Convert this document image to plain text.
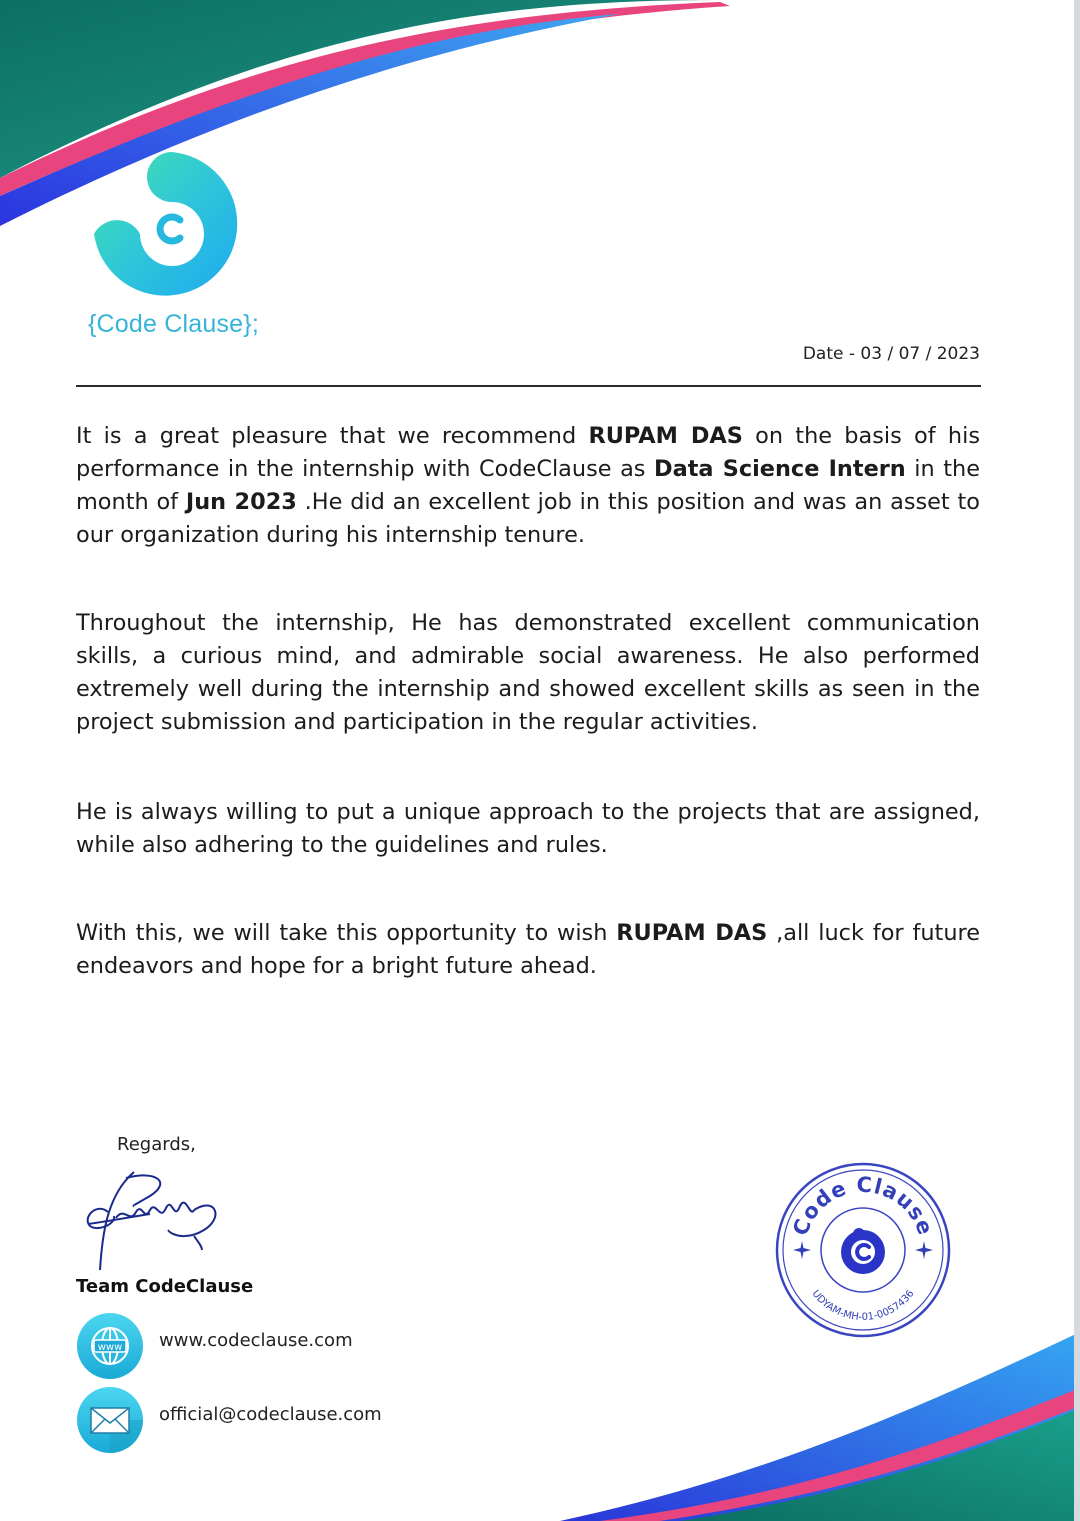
{Code Clause};
Date - 03 / 07 / 2023
It is a great pleasure that we recommend RUPAM DAS on the basis of his performance in the internship with CodeClause as Data Science Intern in the month of Jun 2023 .He did an excellent job in this position and was an asset to our organization during his internship tenure.
Throughout the internship, He has demonstrated excellent communication skills, a curious mind, and admirable social awareness. He also performed extremely well during the internship and showed excellent skills as seen in the project submission and participation in the regular activities.
He is always willing to put a unique approach to the projects that are assigned, while also adhering to the guidelines and rules.
With this, we will take this opportunity to wish RUPAM DAS ,all luck for future endeavors and hope for a bright future ahead.
Regards,
Team CodeClause
www www.codeclause.com
official@codeclause.com
Code Clause
UDYAM-MH-01-0057436
